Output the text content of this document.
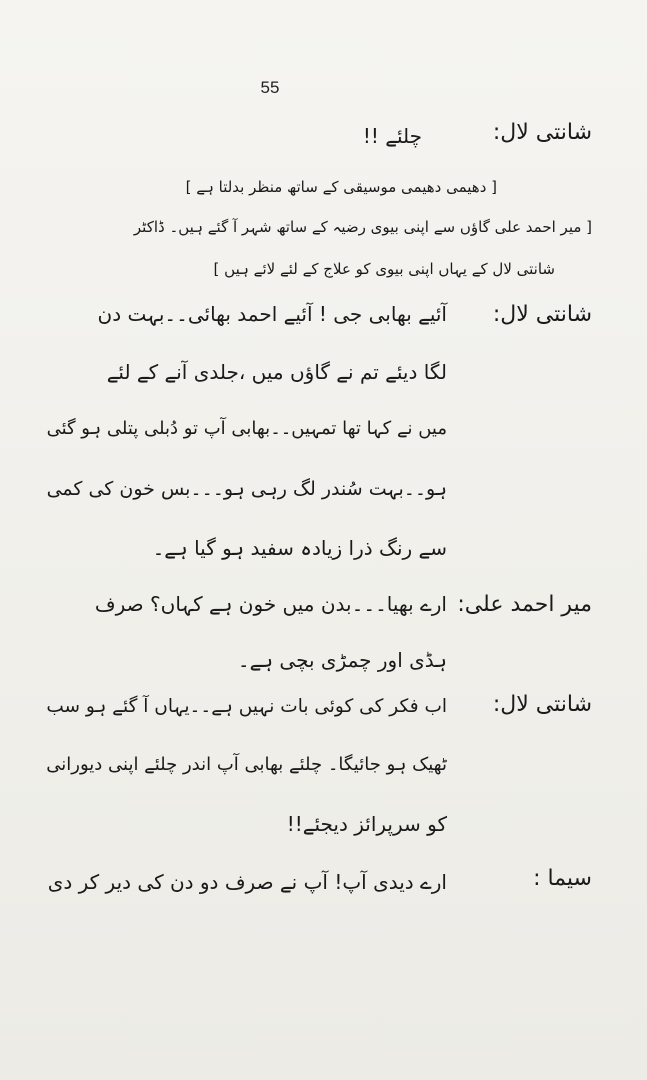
55
شانتی لال:
چلئے !!
[ دھیمی دھیمی موسیقی کے ساتھ منظر بدلتا ہے ]
[ میر احمد علی گاؤں سے اپنی بیوی رضیہ کے ساتھ شہر آ گئے ہیں۔ ڈاکٹر
شانتی لال کے یہاں اپنی بیوی کو علاج کے لئے لائے ہیں ]
شانتی لال:
آئیے بھابی جی ! آئیے احمد بھائی۔۔بہت دن
لگا دیئے تم نے گاؤں میں ،جلدی آنے کے لئے
میں نے کہا تھا تمہیں۔۔بھابی آپ تو دُبلی پتلی ہو گئی
ہو۔۔بہت سُندر لگ رہی ہو۔۔۔بس خون کی کمی
سے رنگ ذرا زیادہ سفید ہو گیا ہے۔
میر احمد علی:
ارے بھیا۔۔۔بدن میں خون ہے کہاں؟ صرف
ہڈی اور چمڑی بچی ہے۔
شانتی لال:
اب فکر کی کوئی بات نہیں ہے۔۔یہاں آ گئے ہو سب
ٹھیک ہو جائیگا۔ چلئے بھابی آپ اندر چلئے اپنی دیورانی
کو سرپرائز دیجئے!!
سیما :
ارے دیدی آپ! آپ نے صرف دو دن کی دیر کر دی
